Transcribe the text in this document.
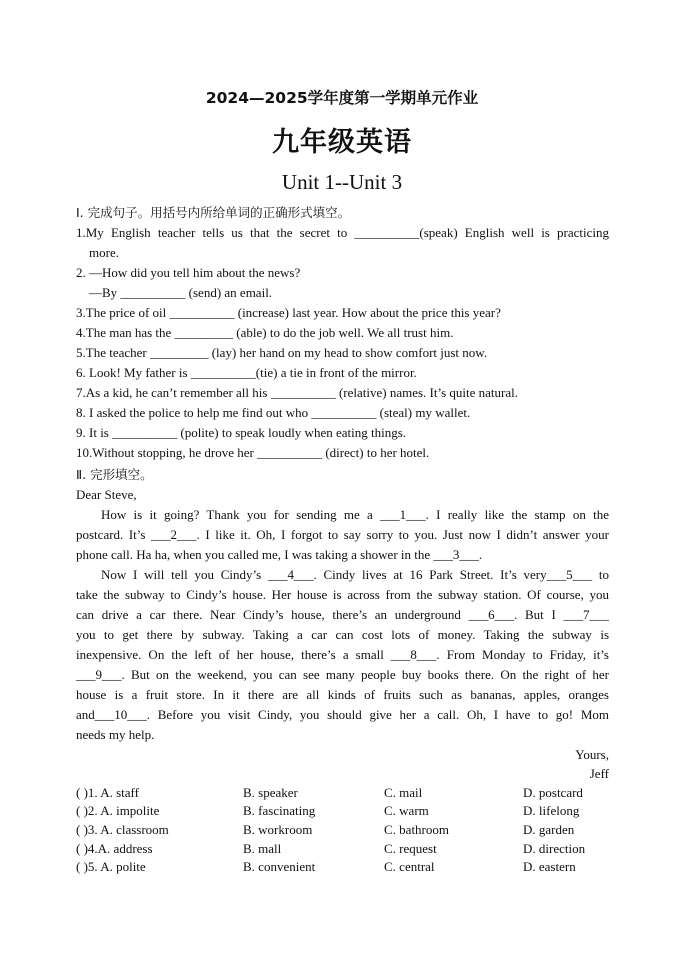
2024—2025学年度第一学期单元作业
九年级英语
Unit 1--Unit 3
Ⅰ. 完成句子。用括号内所给单词的正确形式填空。
1.My English teacher tells us that the secret to __________(speak) English well is practicing
more.
2. —How did you tell him about the news?
—By __________ (send) an email.
3.The price of oil __________ (increase) last year. How about the price this year?
4.The man has the _________ (able) to do the job well. We all trust him.
5.The teacher _________ (lay) her hand on my head to show comfort just now.
6. Look! My father is __________(tie) a tie in front of the mirror.
7.As a kid, he can’t remember all his __________ (relative) names. It’s quite natural.
8. I asked the police to help me find out who __________ (steal) my wallet.
9. It is __________ (polite) to speak loudly when eating things.
10.Without stopping, he drove her __________ (direct) to her hotel.
Ⅱ. 完形填空。
Dear Steve,
How is it going? Thank you for sending me a ___1___. I really like the stamp on the
postcard. It’s ___2___. I like it. Oh, I forgot to say sorry to you. Just now I didn’t answer your
phone call. Ha ha, when you called me, I was taking a shower in the ___3___.
Now I will tell you Cindy’s ___4___. Cindy lives at 16 Park Street. It’s very___5___ to
take the subway to Cindy’s house. Her house is across from the subway station. Of course, you
can drive a car there. Near Cindy’s house, there’s an underground ___6___. But I ___7___
you to get there by subway. Taking a car can cost lots of money. Taking the subway is
inexpensive. On the left of her house, there’s a small ___8___. From Monday to Friday, it’s
___9___. But on the weekend, you can see many people buy books there. On the right of her
house is a fruit store. In it there are all kinds of fruits such as bananas, apples, oranges
and___10___. Before you visit Cindy, you should give her a call. Oh, I have to go! Mom
needs my help.
Yours,
Jeff
( )1. A. staff	B. speaker	C. mail	D. postcard
( )2. A. impolite	B. fascinating	C. warm	D. lifelong
( )3. A. classroom	B. workroom	C. bathroom	D. garden
( )4.A. address	B. mall	C. request	D. direction
( )5. A. polite	B. convenient	C. central	D. eastern
